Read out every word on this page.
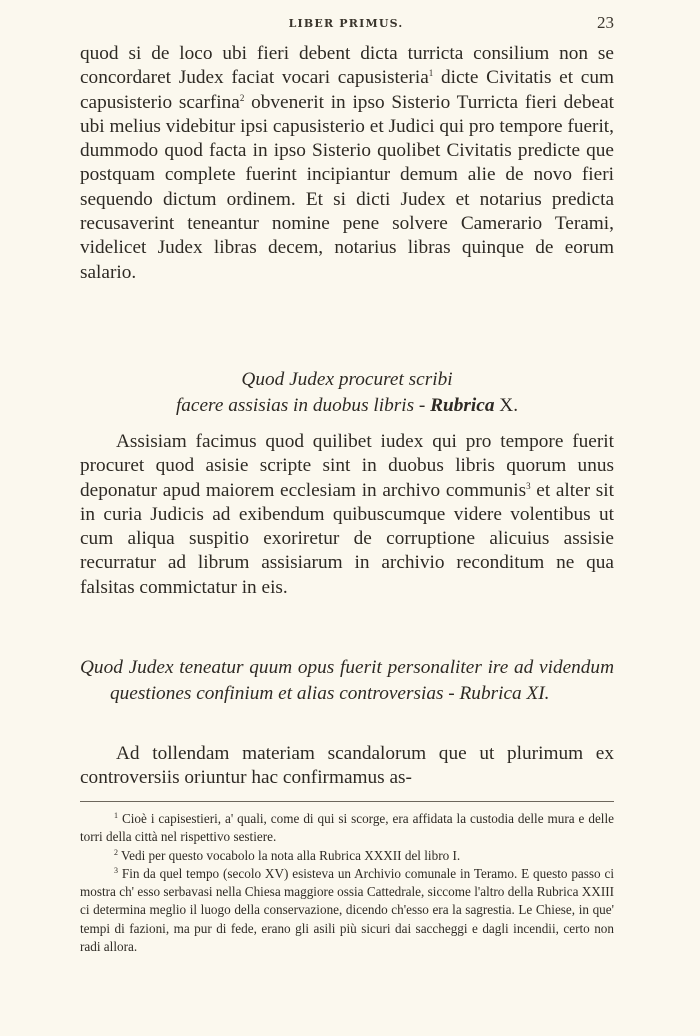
LIBER PRIMUS.	23

quod si de loco ubi fieri debent dicta turricta consilium non se concordaret Judex faciat vocari capusisteria$^1$ dicte Civitatis et cum capusisterio scarfina$^2$ obvenerit in ipso Sisterio Turricta fieri debeat ubi melius videbitur ipsi capusisterio et Judici qui pro tempore fuerit, dummodo quod facta in ipso Sisterio quolibet Civitatis predicte que postquam complete fuerint incipiantur demum alie de novo fieri sequendo dictum ordinem. Et si dicti Judex et notarius predicta recusaverint teneantur nomine pene solvere Camerario Terami, videlicet Judex libras decem, notarius libras quinque de eorum salario.

Quod Judex procuret scribi
facere assisias in duobus libris - Rubrica X.

Assisiam facimus quod quilibet iudex qui pro tempore fuerit procuret quod asisie scripte sint in duobus libris quorum unus deponatur apud maiorem ecclesiam in archivo communis$^3$ et alter sit in curia Judicis ad exibendum quibuscumque videre volentibus ut cum aliqua suspitio exoriretur de corruptione alicuius assisie recurratur ad librum assisiarum in archivio reconditum ne qua falsitas commictatur in eis.

Quod Judex teneatur quum opus fuerit personaliter ire ad videndum questiones confinium et alias controversias - Rubrica XI.

Ad tollendam materiam scandalorum que ut plurimum ex controversiis oriuntur hac confirmamus as-

$^1$ Cioè i capisestieri, a' quali, come di qui si scorge, era affidata la custodia delle mura e delle torri della città nel rispettivo sestiere.

$^2$ Vedi per questo vocabolo la nota alla Rubrica XXXII del libro I.

$^3$ Fin da quel tempo (secolo XV) esisteva un Archivio comunale in Teramo. E questo passo ci mostra ch' esso serbavasi nella Chiesa maggiore ossia Cattedrale, siccome l'altro della Rubrica XXIII ci determina meglio il luogo della conservazione, dicendo ch'esso era la sagrestia. Le Chiese, in que' tempi di fazioni, ma pur di fede, erano gli asili più sicuri dai saccheggi e dagli incendii, certo non radi allora.
